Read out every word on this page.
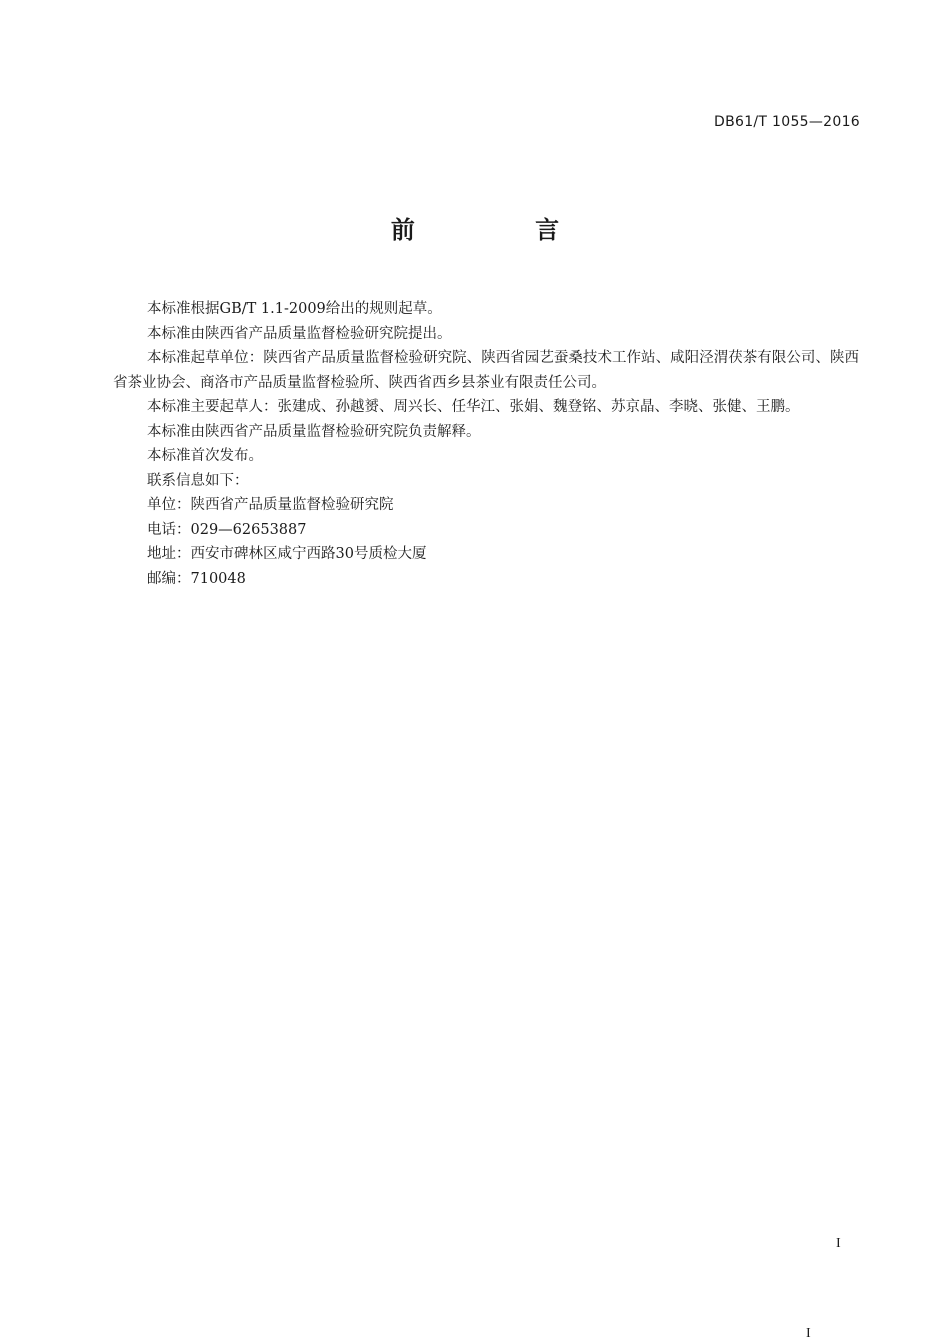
DB61/T 1055—2016
前 言

本标准根据GB/T 1.1-2009给出的规则起草。

本标准由陕西省产品质量监督检验研究院提出。

本标准起草单位：陕西省产品质量监督检验研究院、陕西省园艺蚕桑技术工作站、咸阳泾渭茯茶有限公司、陕西省茶业协会、商洛市产品质量监督检验所、陕西省西乡县茶业有限责任公司。

本标准主要起草人：张建成、孙越赟、周兴长、任华江、张娟、魏登铭、苏京晶、李晓、张健、王鹏。

本标准由陕西省产品质量监督检验研究院负责解释。

本标准首次发布。

联系信息如下：

单位：陕西省产品质量监督检验研究院

电话：029—62653887

地址：西安市碑林区咸宁西路30号质检大厦

邮编：710048

I
I
